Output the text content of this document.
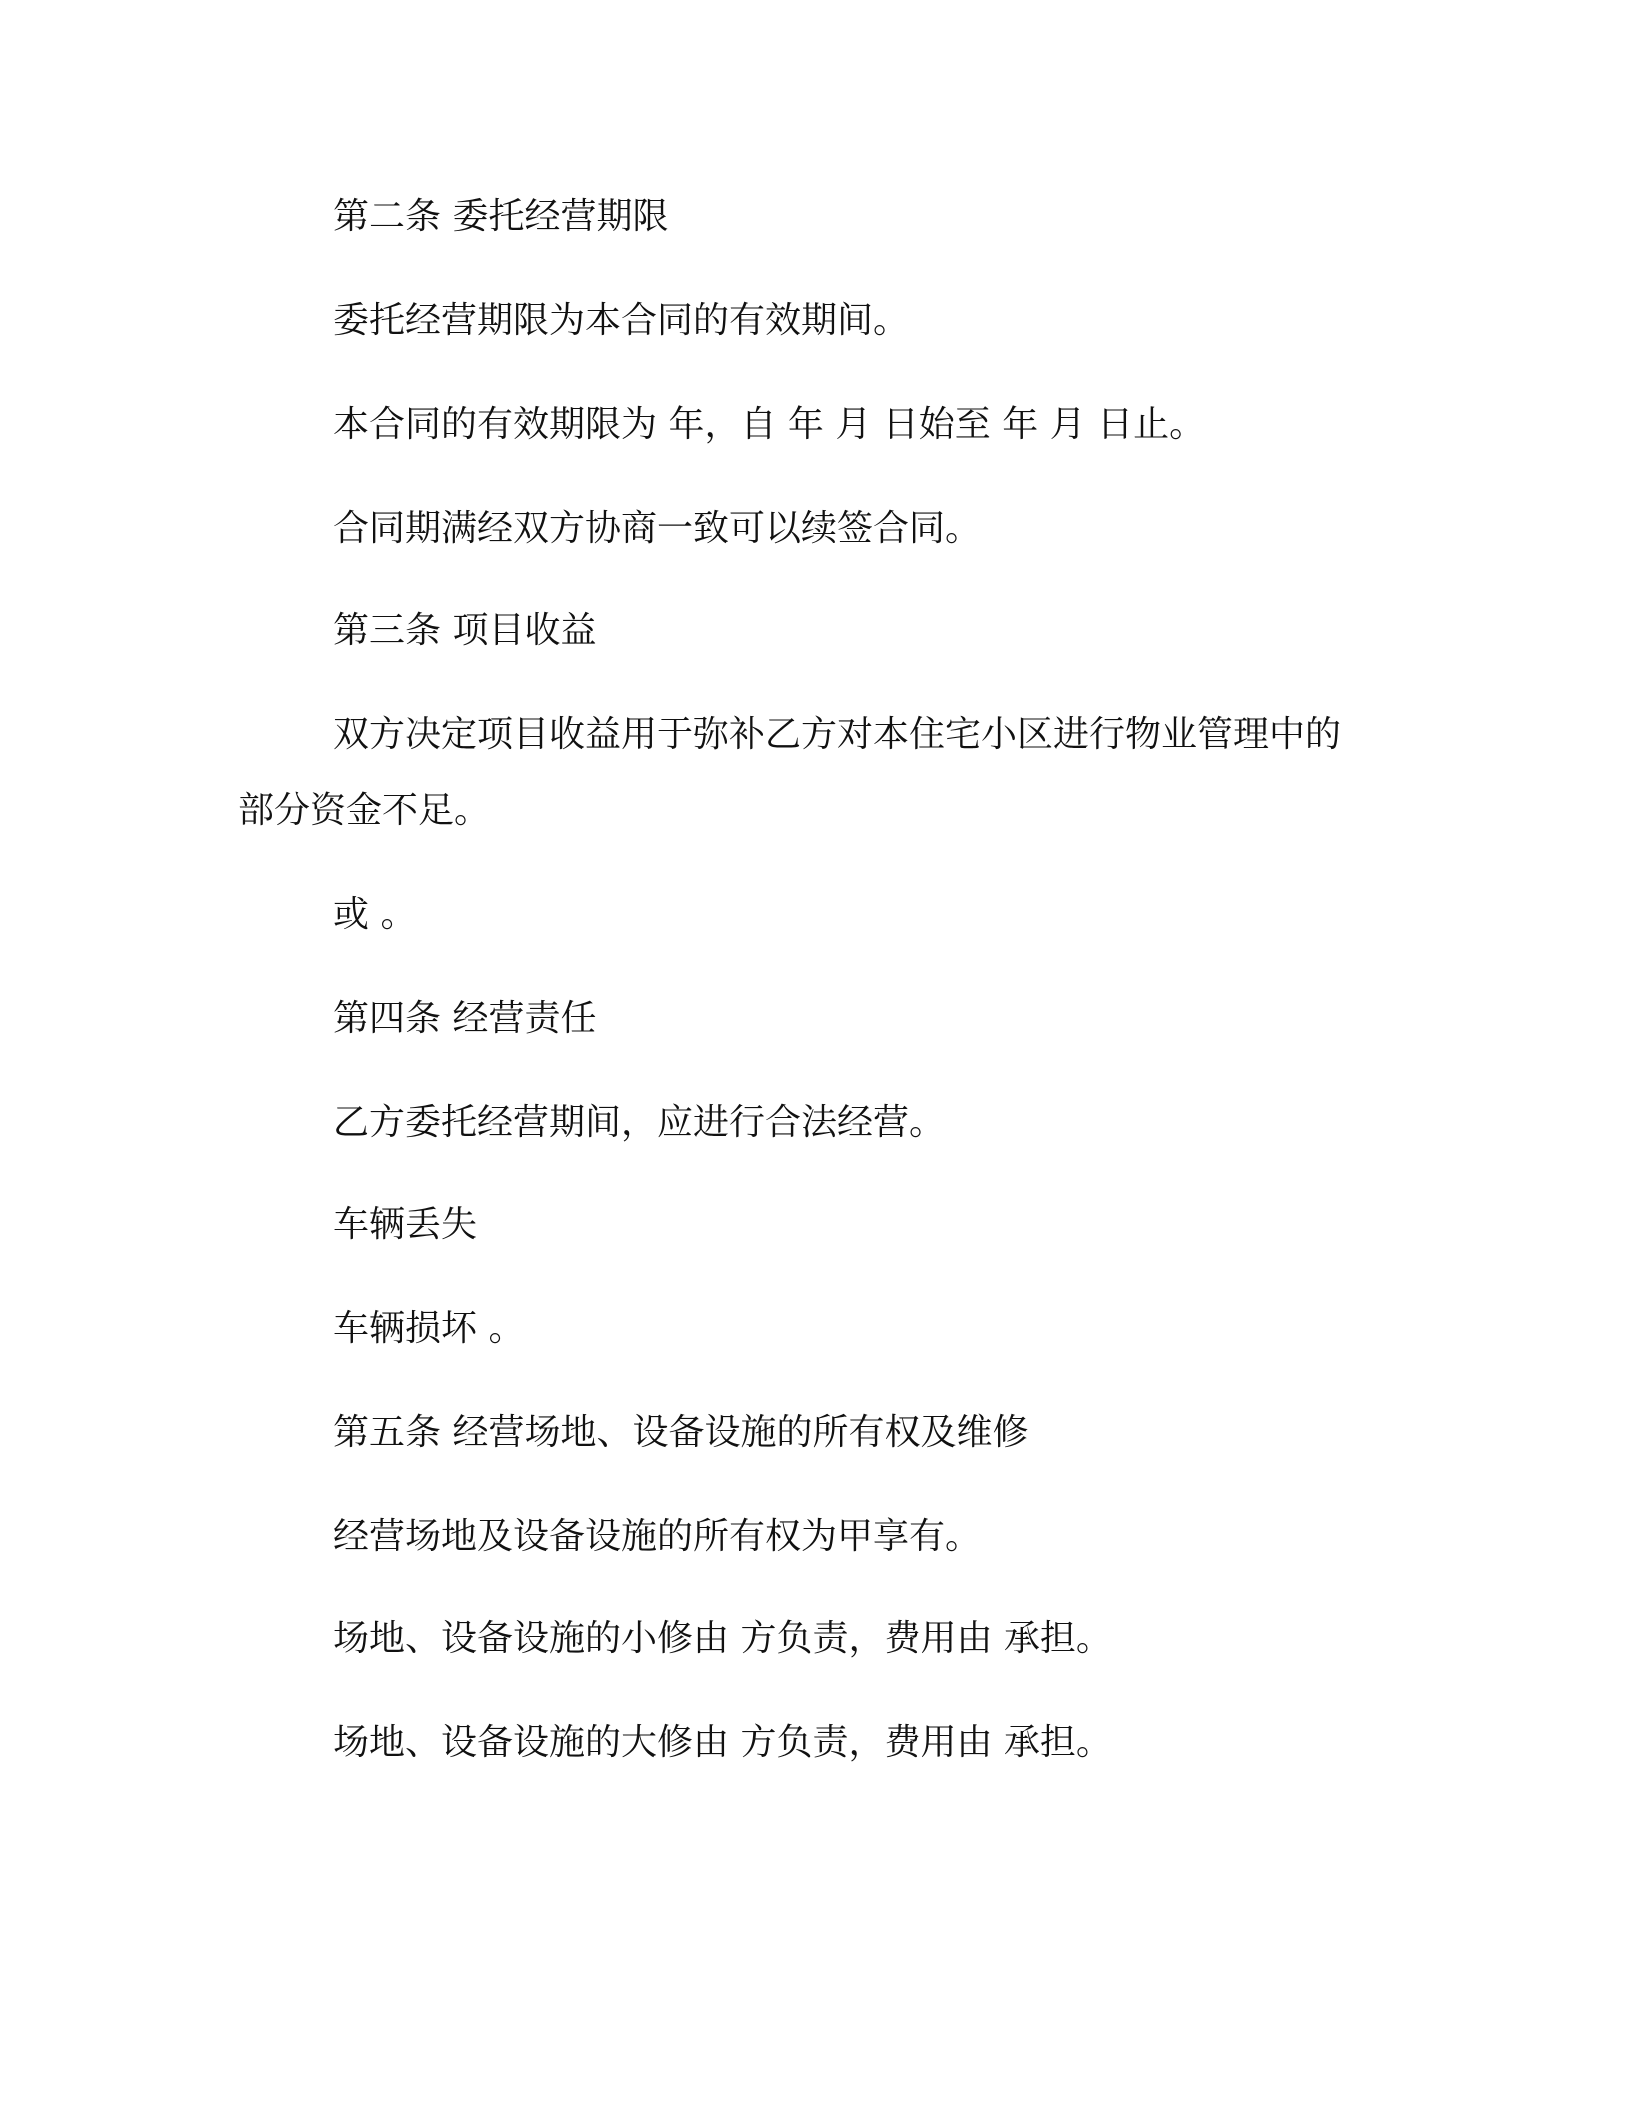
第二条 委托经营期限
委托经营期限为本合同的有效期间。
本合同的有效期限为 年，自 年 月 日始至 年 月 日止。
合同期满经双方协商一致可以续签合同。
第三条 项目收益
双方决定项目收益用于弥补乙方对本住宅小区进行物业管理中的
部分资金不足。
或 。
第四条 经营责任
乙方委托经营期间，应进行合法经营。
车辆丢失
车辆损坏 。
第五条 经营场地、设备设施的所有权及维修
经营场地及设备设施的所有权为甲享有。
场地、设备设施的小修由 方负责，费用由 承担。
场地、设备设施的大修由 方负责，费用由 承担。
